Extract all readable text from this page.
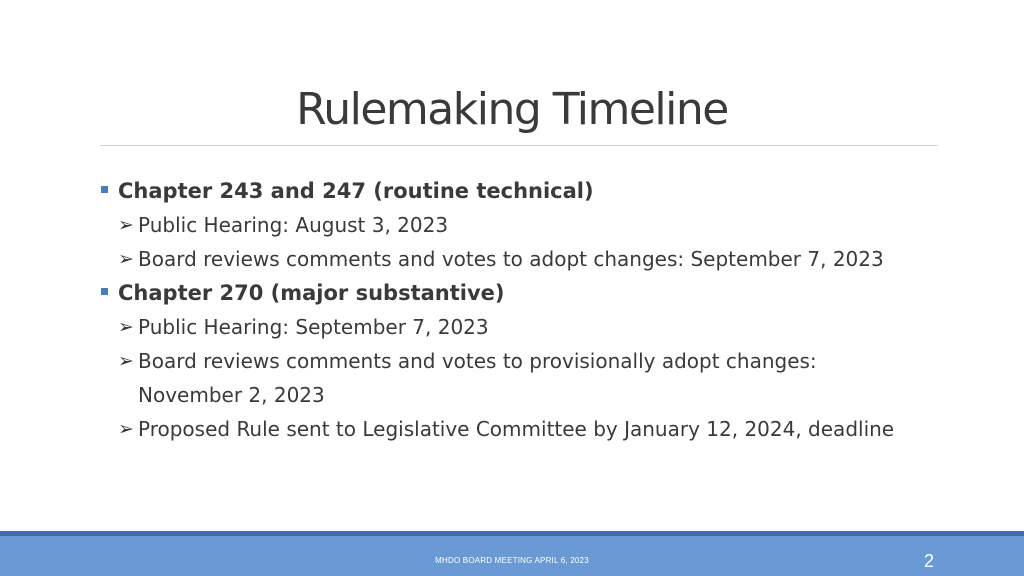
Rulemaking Timeline
Chapter 243 and 247 (routine technical)
➢ Public Hearing: August 3, 2023
➢ Board reviews comments and votes to adopt changes: September 7, 2023
Chapter 270 (major substantive)
➢ Public Hearing: September 7, 2023
➢ Board reviews comments and votes to provisionally adopt changes:
November 2, 2023
➢ Proposed Rule sent to Legislative Committee by January 12, 2024, deadline
MHDO BOARD MEETING APRIL 6, 2023	2
